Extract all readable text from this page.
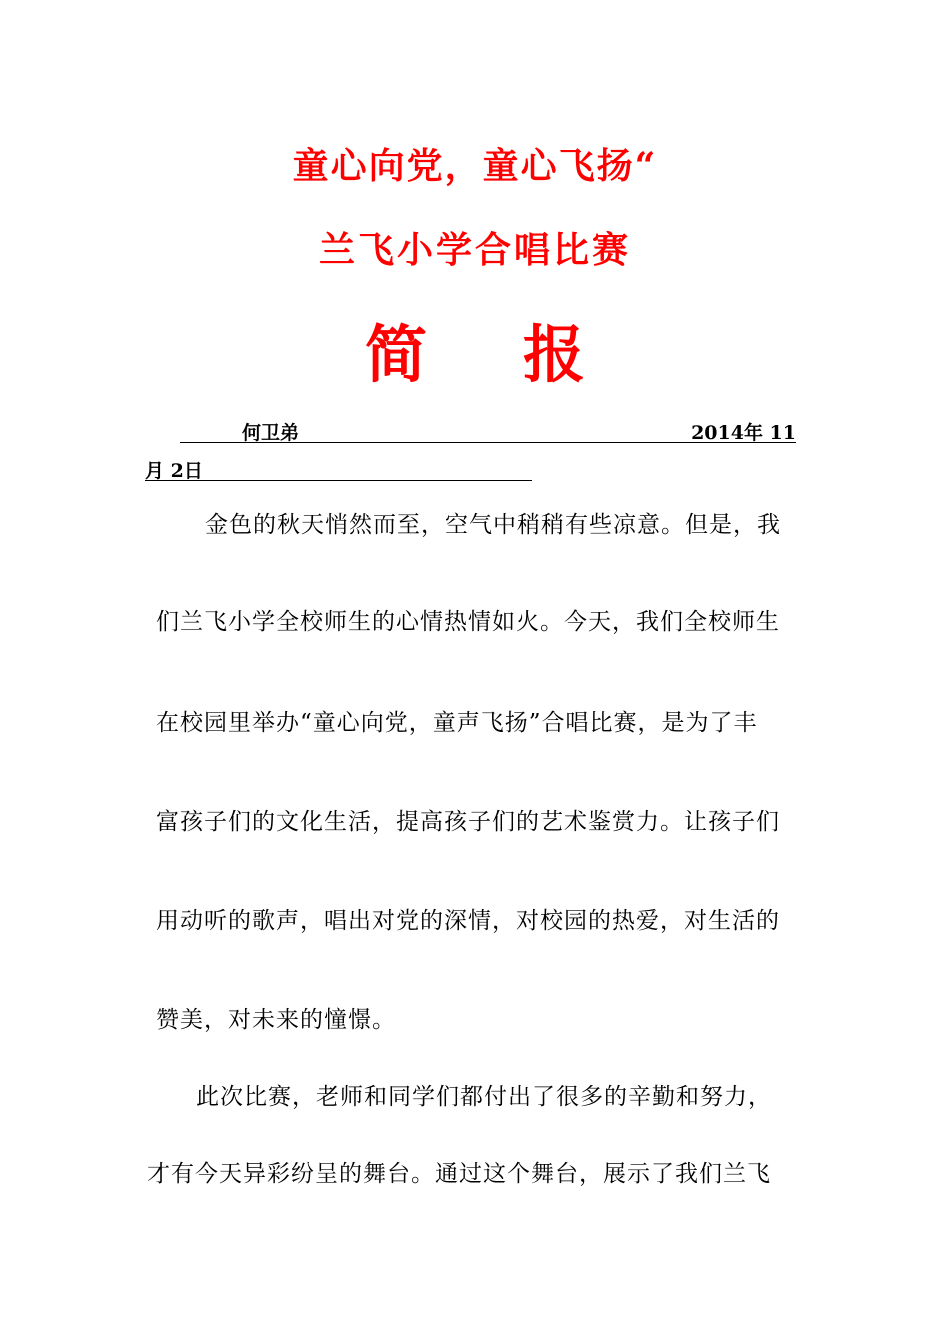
童心向党，童心飞扬“
兰飞小学合唱比赛
简 报
何卫弟	2014年 11
月 2日
金色的秋天悄然而至，空气中稍稍有些凉意。但是，我
们兰飞小学全校师生的心情热情如火。今天，我们全校师生
在校园里举办“童心向党，童声飞扬”合唱比赛，是为了丰
富孩子们的文化生活，提高孩子们的艺术鉴赏力。让孩子们
用动听的歌声，唱出对党的深情，对校园的热爱，对生活的
赞美，对未来的憧憬。
此次比赛，老师和同学们都付出了很多的辛勤和努力，
才有今天异彩纷呈的舞台。通过这个舞台，展示了我们兰飞
